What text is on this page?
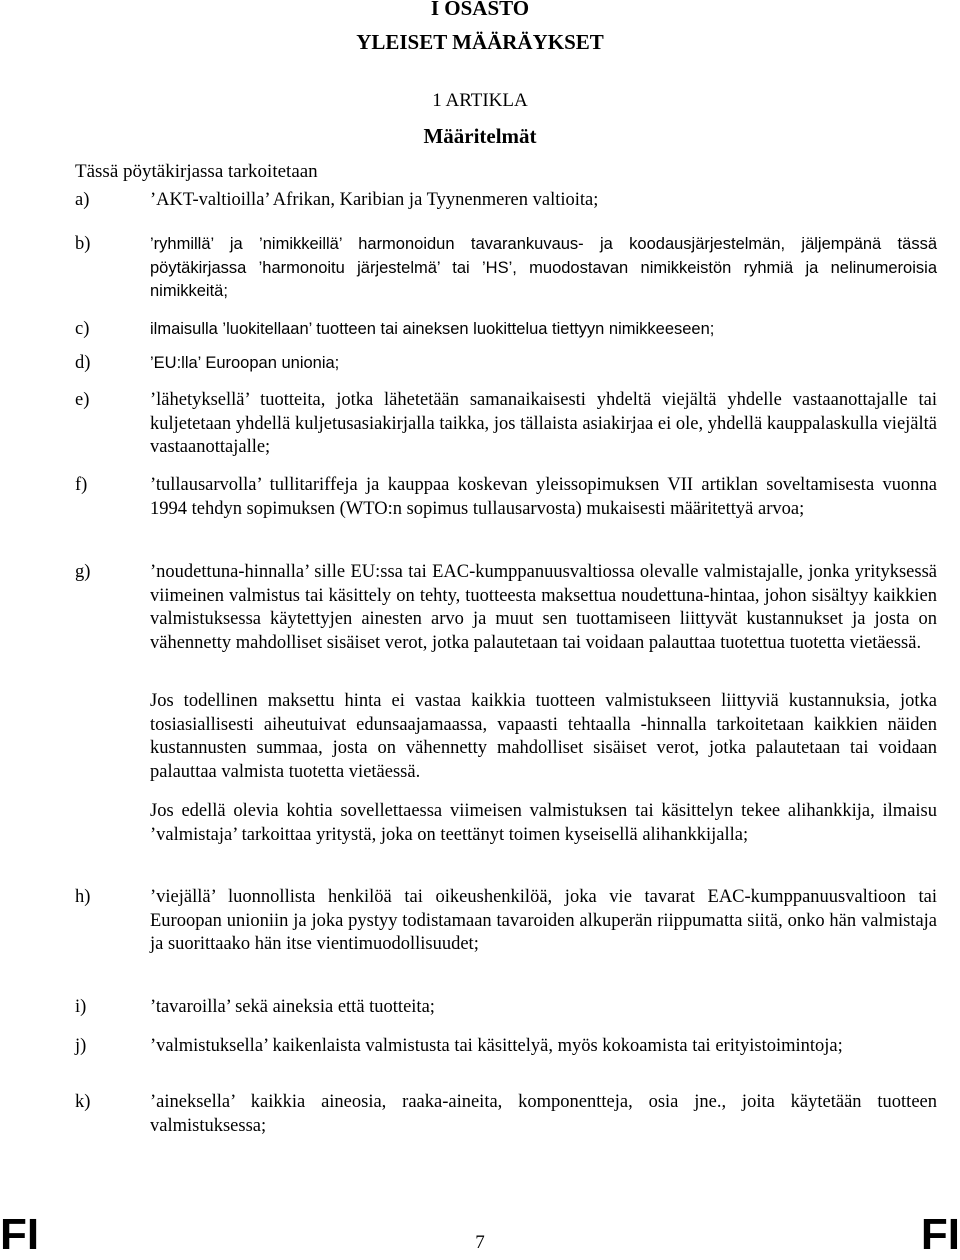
I OSASTO
YLEISET MÄÄRÄYKSET
1 ARTIKLA
Määritelmät
Tässä pöytäkirjassa tarkoitetaan
a)	’AKT-valtioilla’ Afrikan, Karibian ja Tyynenmeren valtioita;
b)	’ryhmillä’ ja ’nimikkeillä’ harmonoidun tavarankuvaus- ja koodausjärjestelmän, jäljempänä tässä pöytäkirjassa ’harmonoitu järjestelmä’ tai ’HS’, muodostavan nimikkeistön ryhmiä ja nelinumeroisia nimikkeitä;
c)	ilmaisulla ’luokitellaan’ tuotteen tai aineksen luokittelua tiettyyn nimikkeeseen;
d)	’EU:lla’ Euroopan unionia;
e)	’lähetyksellä’ tuotteita, jotka lähetetään samanaikaisesti yhdeltä viejältä yhdelle vastaanottajalle tai kuljetetaan yhdellä kuljetusasiakirjalla taikka, jos tällaista asiakirjaa ei ole, yhdellä kauppalaskulla viejältä vastaanottajalle;
f)	’tullausarvolla’ tullitariffeja ja kauppaa koskevan yleissopimuksen VII artiklan soveltamisesta vuonna 1994 tehdyn sopimuksen (WTO:n sopimus tullausarvosta) mukaisesti määritettyä arvoa;
g)	’noudettuna-hinnalla’ sille EU:ssa tai EAC-kumppanuusvaltiossa olevalle valmistajalle, jonka yrityksessä viimeinen valmistus tai käsittely on tehty, tuotteesta maksettua noudettuna-hintaa, johon sisältyy kaikkien valmistuksessa käytettyjen ainesten arvo ja muut sen tuottamiseen liittyvät kustannukset ja josta on vähennetty mahdolliset sisäiset verot, jotka palautetaan tai voidaan palauttaa tuotettua tuotetta vietäessä.
Jos todellinen maksettu hinta ei vastaa kaikkia tuotteen valmistukseen liittyviä kustannuksia, jotka tosiasiallisesti aiheutuivat edunsaajamaassa, vapaasti tehtaalla -hinnalla tarkoitetaan kaikkien näiden kustannusten summaa, josta on vähennetty mahdolliset sisäiset verot, jotka palautetaan tai voidaan palauttaa valmista tuotetta vietäessä.
Jos edellä olevia kohtia sovellettaessa viimeisen valmistuksen tai käsittelyn tekee alihankkija, ilmaisu ’valmistaja’ tarkoittaa yritystä, joka on teettänyt toimen kyseisellä alihankkijalla;
h)	’viejällä’ luonnollista henkilöä tai oikeushenkilöä, joka vie tavarat EAC-kumppanuusvaltioon tai Euroopan unioniin ja joka pystyy todistamaan tavaroiden alkuperän riippumatta siitä, onko hän valmistaja ja suorittaako hän itse vientimuodollisuudet;
i)	’tavaroilla’ sekä aineksia että tuotteita;
j)	’valmistuksella’ kaikenlaista valmistusta tai käsittelyä, myös kokoamista tai erityistoimintoja;
k)	’aineksella’ kaikkia aineosia, raaka-aineita, komponentteja, osia jne., joita käytetään tuotteen valmistuksessa;
FI	7	FI
